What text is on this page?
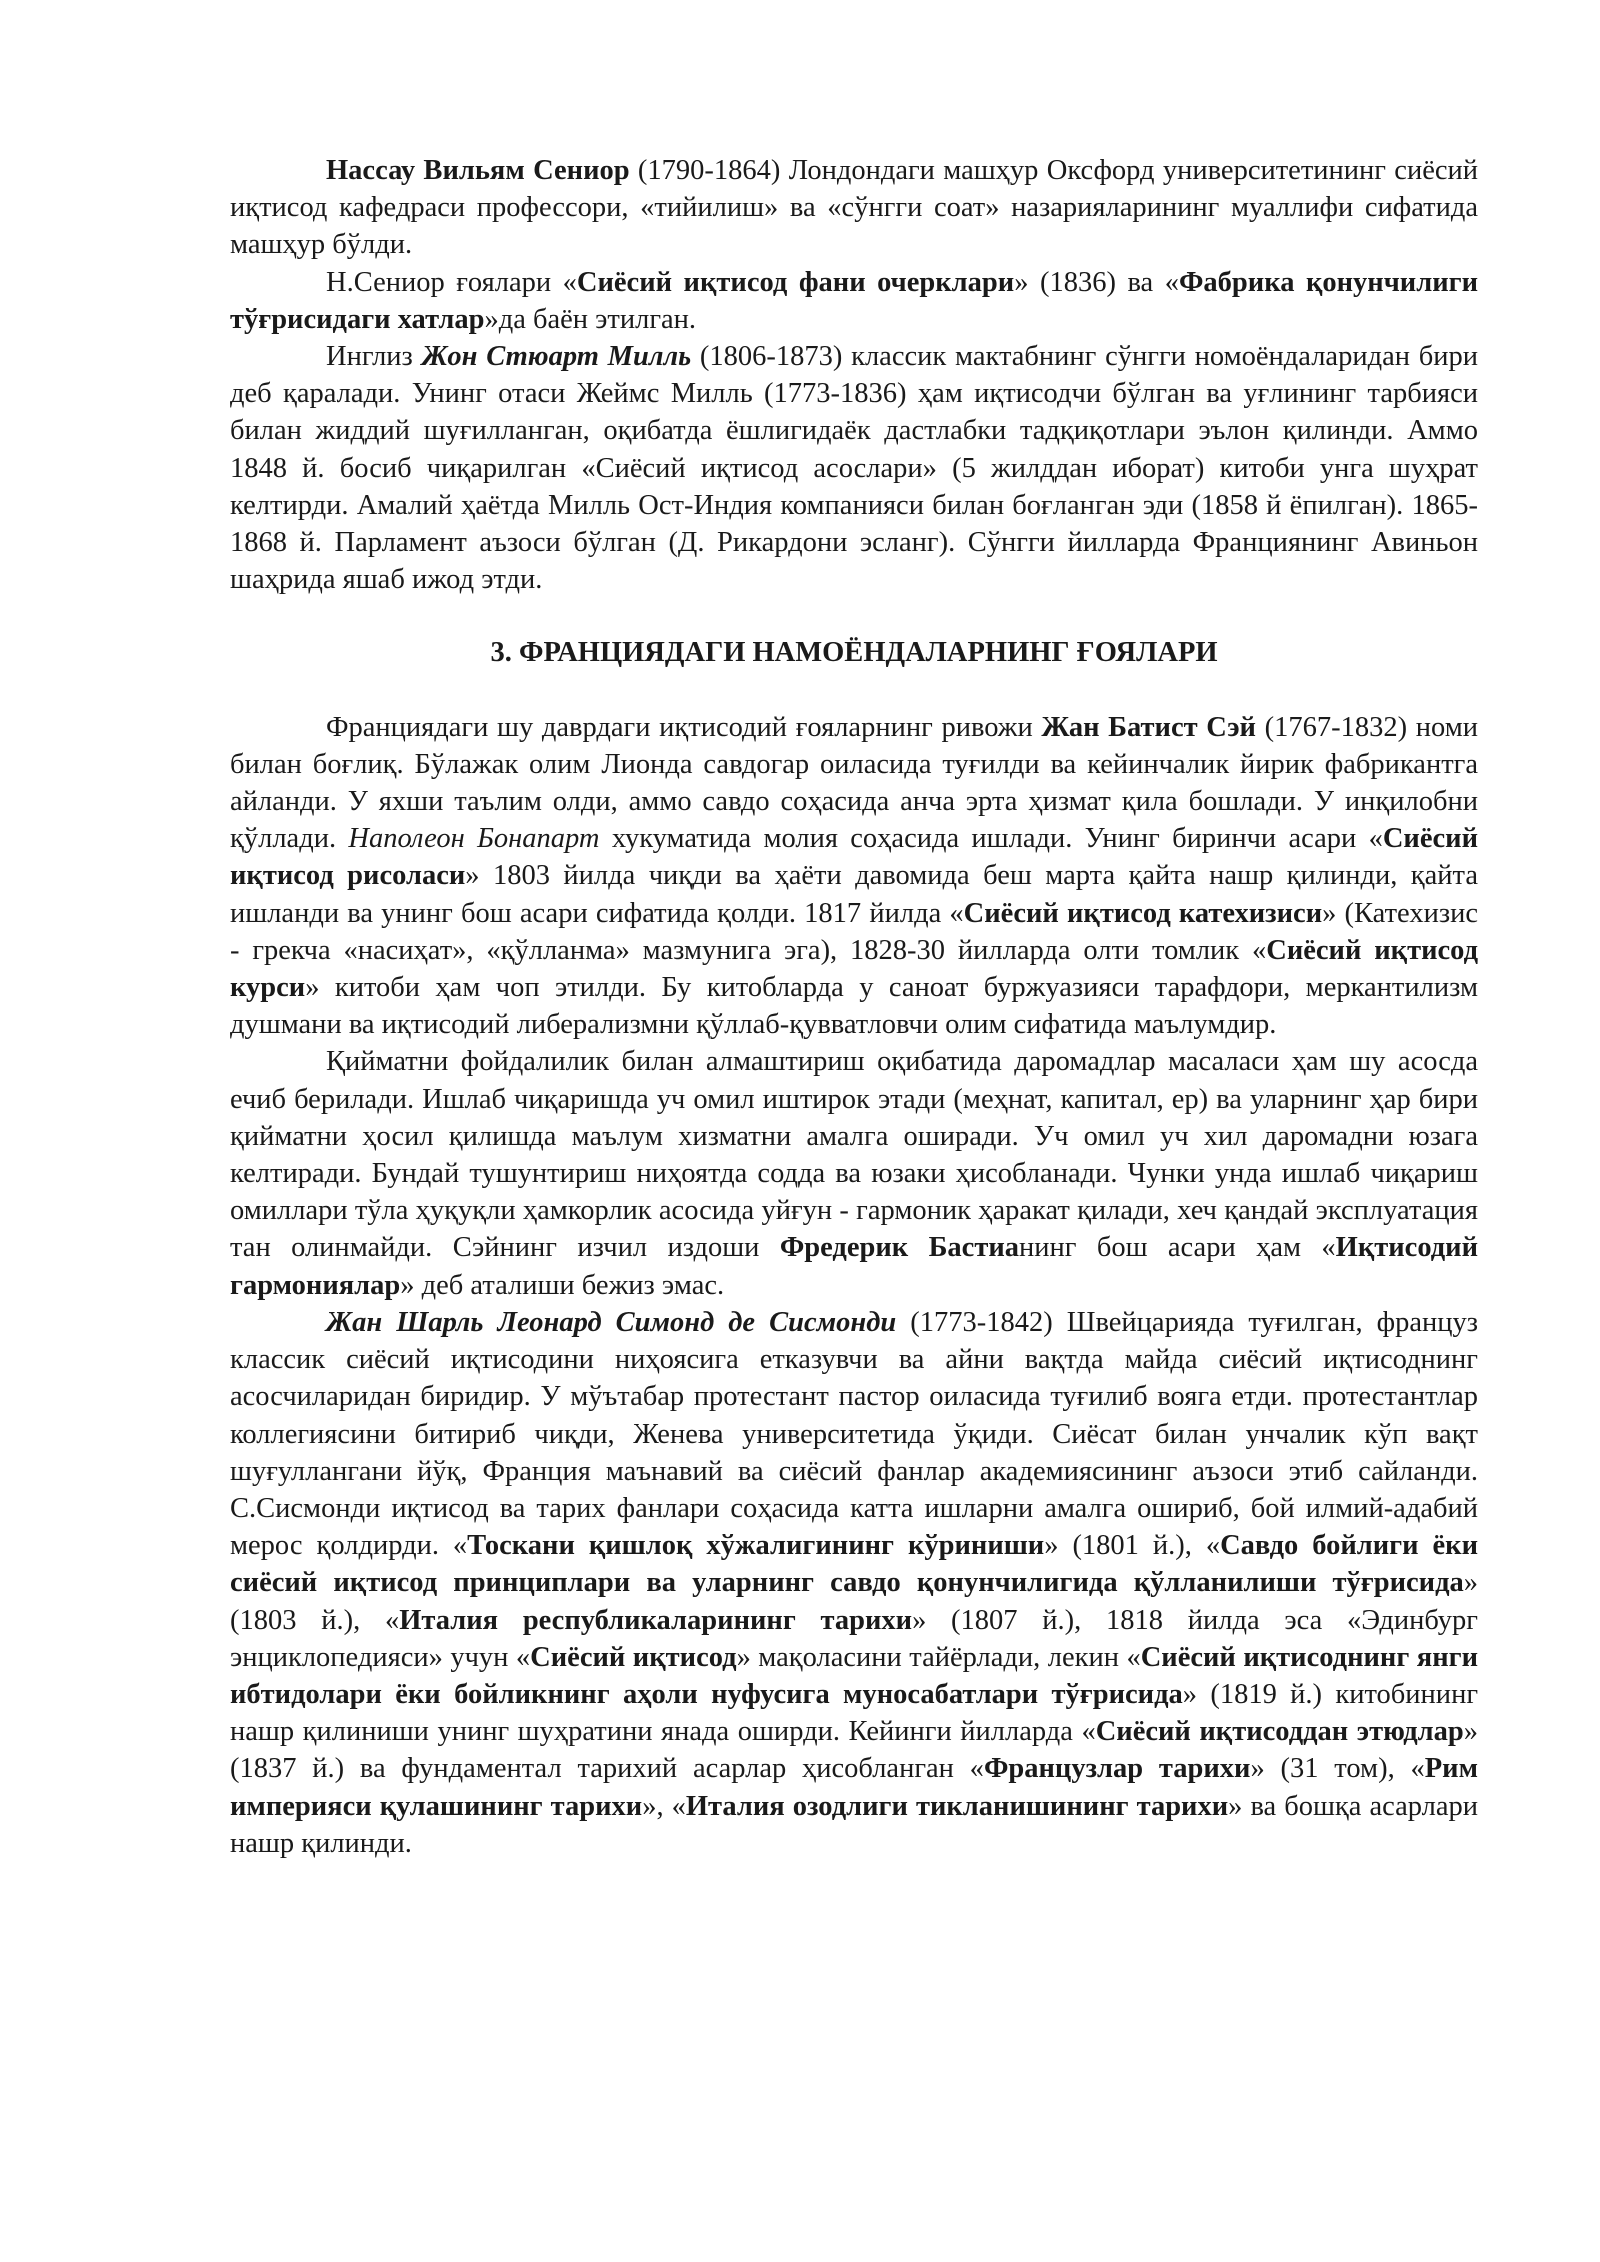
Нассау Вильям Сениор (1790-1864) Лондондаги машҳур Оксфорд университетининг сиёсий иқтисод кафедраси профессори, «тийилиш» ва «сўнгги соат» назарияларининг муаллифи сифатида машҳур бўлди.

Н.Сениор ғоялари «Сиёсий иқтисод фани очерклари» (1836) ва «Фабрика қонунчилиги тўғрисидаги хатлар»да баён этилган.

Инглиз Жон Стюарт Милль (1806-1873) классик мактабнинг сўнгги номоёндаларидан бири деб қаралади. Унинг отаси Жеймс Милль (1773-1836) ҳам иқтисодчи бўлган ва уғлининг тарбияси билан жиддий шуғилланган, оқибатда ёшлигидаёк дастлабки тадқиқотлари эълон қилинди. Аммо 1848 й. босиб чиқарилган «Сиёсий иқтисод асослари» (5 жилддан иборат) китоби унга шуҳрат келтирди. Амалий ҳаётда Милль Ост-Индия компанияси билан боғланган эди (1858 й ёпилган). 1865-1868 й. Парламент аъзоси бўлган (Д. Рикардони эсланг). Сўнгги йилларда Франциянинг Авиньон шаҳрида яшаб ижод этди.

3. ФРАНЦИЯДАГИ НАМОЁНДАЛАРНИНГ ҒОЯЛАРИ

Франциядаги шу даврдаги иқтисодий ғояларнинг ривожи Жан Батист Сэй (1767-1832) номи билан боғлиқ. Бўлажак олим Лионда савдогар оиласида туғилди ва кейинчалик йирик фабрикантга айланди. У яхши таълим олди, аммо савдо соҳасида анча эрта ҳизмат қила бошлади. У инқилобни қўллади. Наполеон Бонапарт хукуматида молия соҳасида ишлади. Унинг биринчи асари «Сиёсий иқтисод рисоласи» 1803 йилда чиқди ва ҳаёти давомида беш марта қайта нашр қилинди, қайта ишланди ва унинг бош асари сифатида қолди. 1817 йилда «Сиёсий иқтисод катехизиси» (Катехизис - грекча «насиҳат», «қўлланма» мазмунига эга), 1828-30 йилларда олти томлик «Сиёсий иқтисод курси» китоби ҳам чоп этилди. Бу китобларда у саноат буржуазияси тарафдори, меркантилизм душмани ва иқтисодий либерализмни қўллаб-қувватловчи олим сифатида маълумдир.

Қийматни фойдалилик билан алмаштириш оқибатида даромадлар масаласи ҳам шу асосда ечиб берилади. Ишлаб чиқаришда уч омил иштирок этади (меҳнат, капитал, ер) ва уларнинг ҳар бири қийматни ҳосил қилишда маълум хизматни амалга оширади. Уч омил уч хил даромадни юзага келтиради. Бундай тушунтириш ниҳоятда содда ва юзаки ҳисобланади. Чунки унда ишлаб чиқариш омиллари тўла ҳуқуқли ҳамкорлик асосида уйғун - гармоник ҳаракат қилади, хеч қандай эксплуатация тан олинмайди. Сэйнинг изчил издоши Фредерик Бастианинг бош асари ҳам «Иқтисодий гармониялар» деб аталиши бежиз эмас.

Жан Шарль Леонард Симонд де Сисмонди (1773-1842) Швейцарияда туғилган, француз классик сиёсий иқтисодини ниҳоясига етказувчи ва айни вақтда майда сиёсий иқтисоднинг асосчиларидан биридир. У мўътабар протестант пастор оиласида туғилиб вояга етди. протестантлар коллегиясини битириб чиқди, Женева университетида ўқиди. Сиёсат билан унчалик кўп вақт шуғуллангани йўқ, Франция маънавий ва сиёсий фанлар академиясининг аъзоси этиб сайланди. С.Сисмонди иқтисод ва тарих фанлари соҳасида катта ишларни амалга ошириб, бой илмий-адабий мерос қолдирди. «Тоскани қишлоқ хўжалигининг кўриниши» (1801 й.), «Савдо бойлиги ёки сиёсий иқтисод принциплари ва уларнинг савдо қонунчилигида қўлланилиши тўғрисида» (1803 й.), «Италия республикаларининг тарихи» (1807 й.), 1818 йилда эса «Эдинбург энциклопедияси» учун «Сиёсий иқтисод» мақоласини тайёрлади, лекин «Сиёсий иқтисоднинг янги ибтидолари ёки бойликнинг аҳоли нуфусига муносабатлари тўғрисида» (1819 й.) китобининг нашр қилиниши унинг шуҳратини янада оширди. Кейинги йилларда «Сиёсий иқтисоддан этюдлар» (1837 й.) ва фундаментал тарихий асарлар ҳисобланган «Французлар тарихи» (31 том), «Рим империяси қулашининг тарихи», «Италия озодлиги тикланишининг тарихи» ва бошқа асарлари нашр қилинди.
